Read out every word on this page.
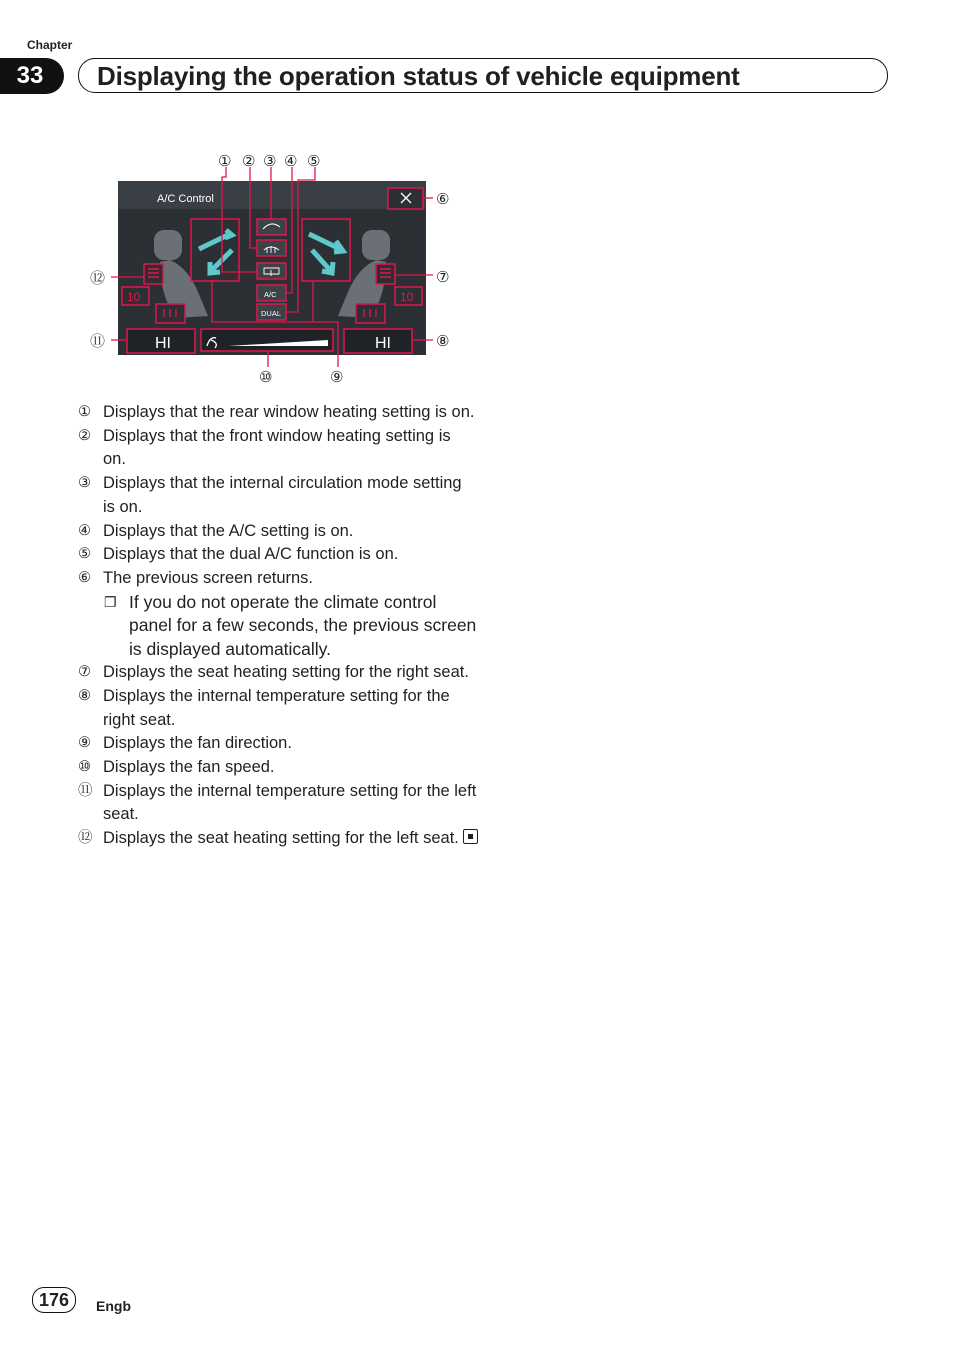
Chapter
33	Displaying the operation status of vehicle equipment
A/C Control
A/C
DUAL
10	10
HI	HI
① ② ③ ④ ⑤
⑥
⑦
⑧
⑨
⑩
⑪
⑫
① Displays that the rear window heating setting is on.
② Displays that the front window heating setting is on.
③ Displays that the internal circulation mode setting is on.
④ Displays that the A/C setting is on.
⑤ Displays that the dual A/C function is on.
⑥ The previous screen returns.
❒ If you do not operate the climate control panel for a few seconds, the previous screen is displayed automatically.
⑦ Displays the seat heating setting for the right seat.
⑧ Displays the internal temperature setting for the right seat.
⑨ Displays the fan direction.
⑩ Displays the fan speed.
⑪ Displays the internal temperature setting for the left seat.
⑫ Displays the seat heating setting for the left seat.
176	Engb
